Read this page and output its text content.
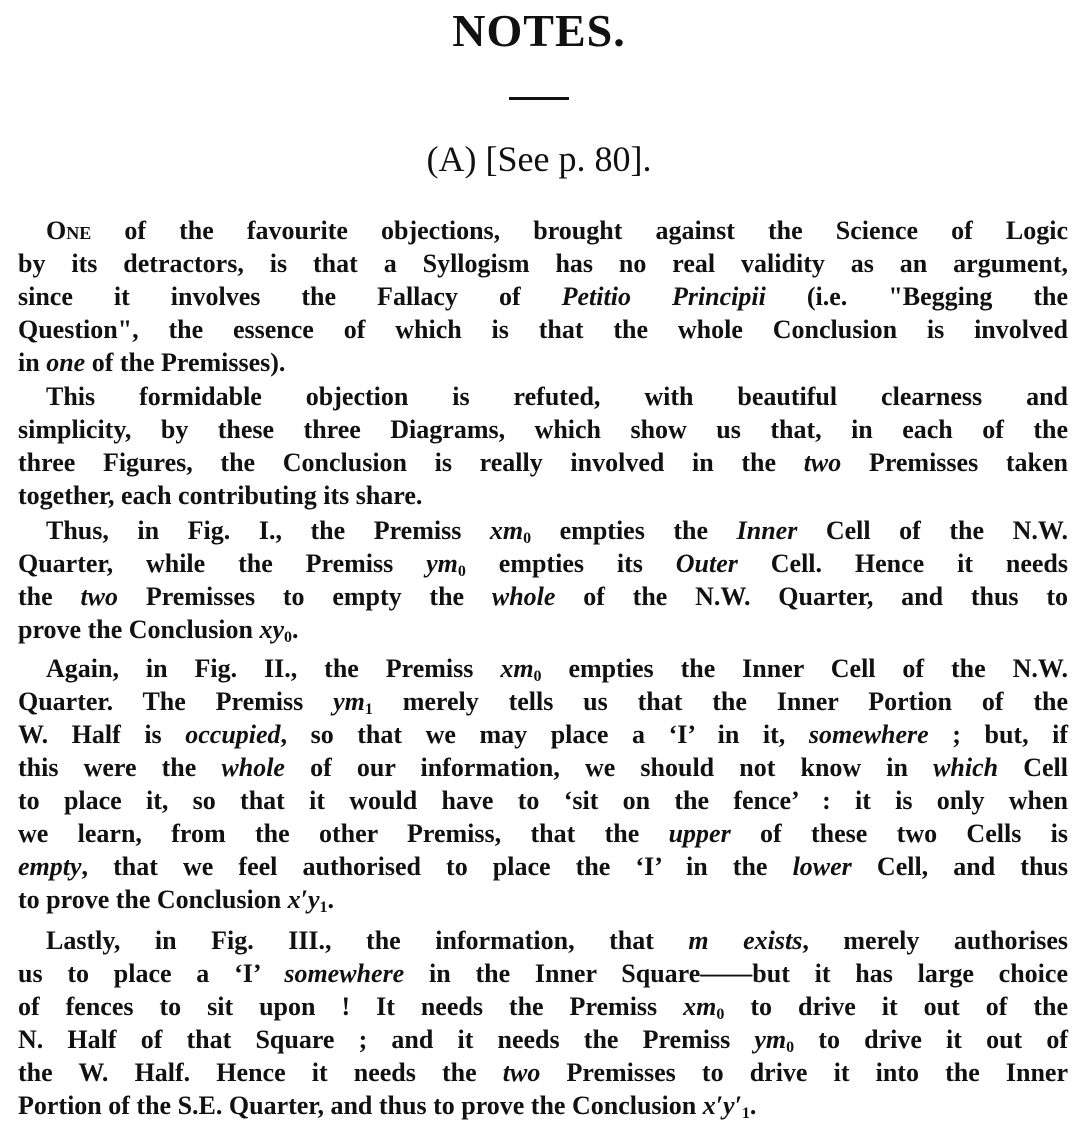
NOTES.
(A) [See p. 80].
One of the favourite objections, brought against the Science of Logic
by its detractors, is that a Syllogism has no real validity as an argument,
since it involves the Fallacy of Petitio Principii (i.e. "Begging the
Question", the essence of which is that the whole Conclusion is involved
in one of the Premisses).
This formidable objection is refuted, with beautiful clearness and
simplicity, by these three Diagrams, which show us that, in each of the
three Figures, the Conclusion is really involved in the two Premisses taken
together, each contributing its share.
Thus, in Fig. I., the Premiss $xm_0$ empties the Inner Cell of the N.W.
Quarter, while the Premiss $ym_0$ empties its Outer Cell. Hence it needs
the two Premisses to empty the whole of the N.W. Quarter, and thus to
prove the Conclusion $xy_0$.
Again, in Fig. II., the Premiss $xm_0$ empties the Inner Cell of the N.W.
Quarter. The Premiss $ym_1$ merely tells us that the Inner Portion of the
W. Half is occupied, so that we may place a ‘I’ in it, somewhere ; but, if
this were the whole of our information, we should not know in which Cell
to place it, so that it would have to ‘sit on the fence’ : it is only when
we learn, from the other Premiss, that the upper of these two Cells is
empty, that we feel authorised to place the ‘I’ in the lower Cell, and thus
to prove the Conclusion $x'y_1$.
Lastly, in Fig. III., the information, that m exists, merely authorises
us to place a ‘I’ somewhere in the Inner Square——but it has large choice
of fences to sit upon ! It needs the Premiss $xm_0$ to drive it out of the
N. Half of that Square ; and it needs the Premiss $ym_0$ to drive it out of
the W. Half. Hence it needs the two Premisses to drive it into the Inner
Portion of the S.E. Quarter, and thus to prove the Conclusion $x'y'_1$.
